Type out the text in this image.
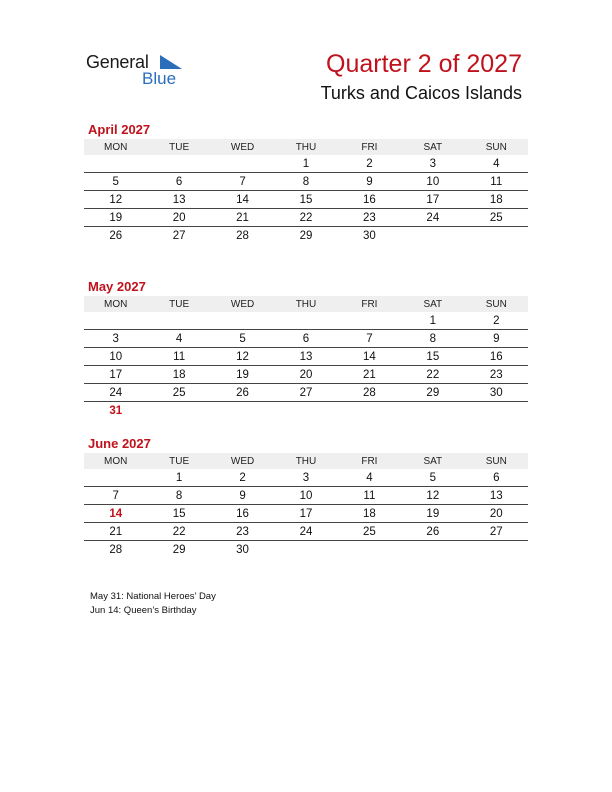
General
Blue
Quarter 2 of 2027
Turks and Caicos Islands
April 2027
MON	TUE	WED	THU	FRI	SAT	SUN
			1	2	3	4
5	6	7	8	9	10	11
12	13	14	15	16	17	18
19	20	21	22	23	24	25
26	27	28	29	30		
May 2027
MON	TUE	WED	THU	FRI	SAT	SUN
					1	2
3	4	5	6	7	8	9
10	11	12	13	14	15	16
17	18	19	20	21	22	23
24	25	26	27	28	29	30
31						
June 2027
MON	TUE	WED	THU	FRI	SAT	SUN
	1	2	3	4	5	6
7	8	9	10	11	12	13
14	15	16	17	18	19	20
21	22	23	24	25	26	27
28	29	30				
May 31: National Heroes’ Day
Jun 14: Queen’s Birthday
